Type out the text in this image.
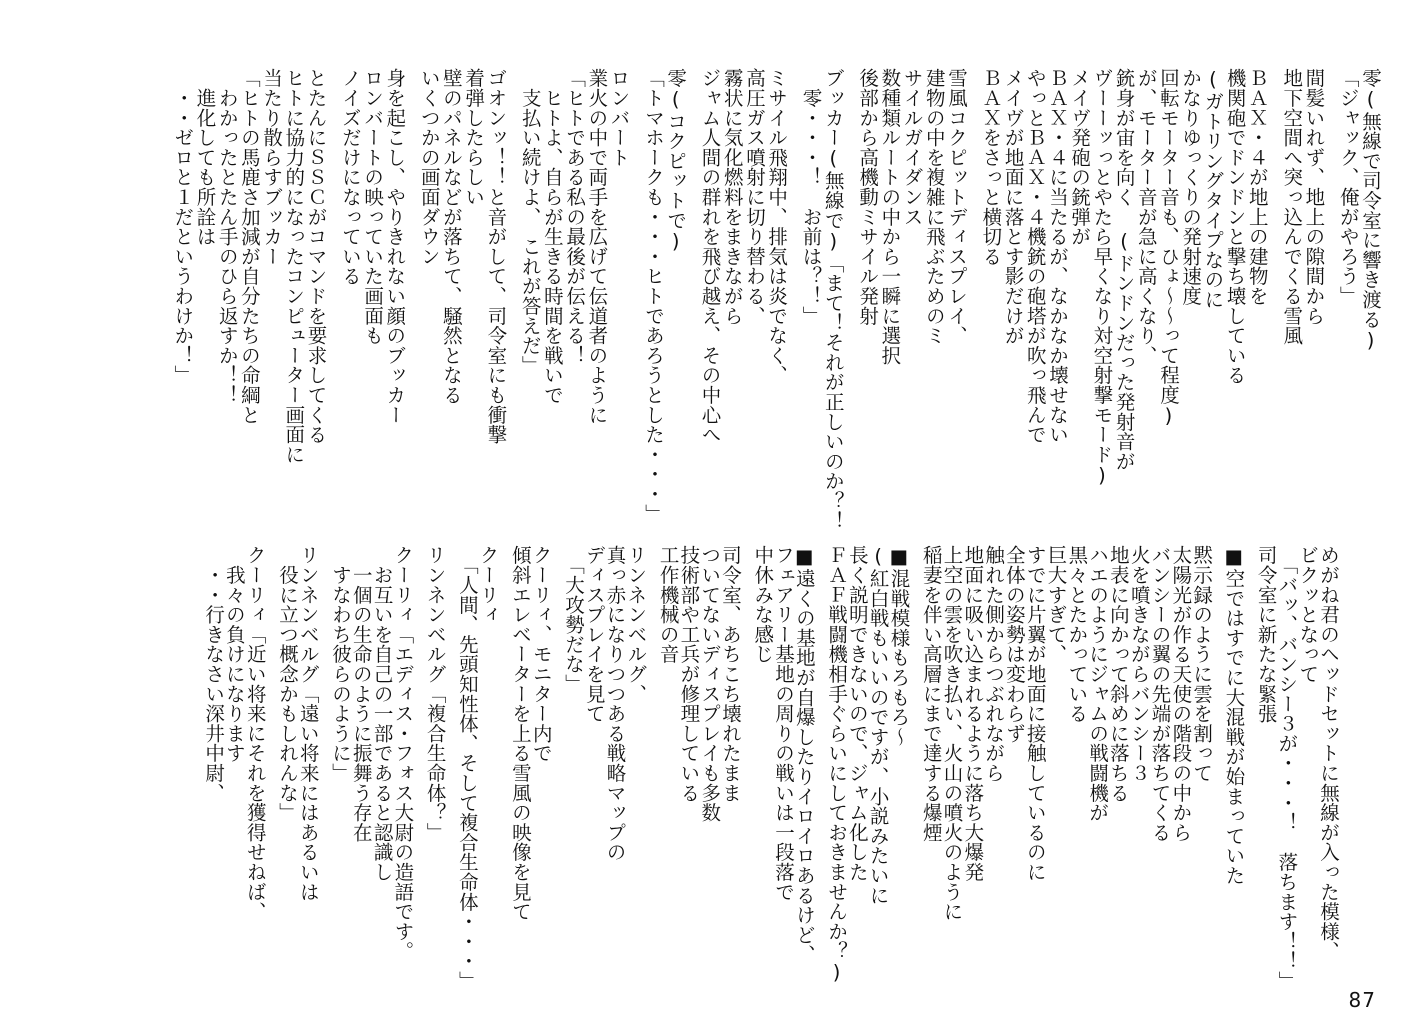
零(無線で司令室に響き渡る)
「ジャック、俺がやろう」
間髪いれず、地上の隙間から
地下空間へ突っ込んでくる雪風
ＢＡＸ・４が地上の建物を
機関砲でドンドンと撃ち壊している
(ガトリングタイプなのに
かなりゆっくりの発射速度
回転モーター音も、ひょ〜〜って程度)
が、モーター音が急に高くなり、
銃身が宙を向く (ドンドンだった発射音が
ヴーーッっとやたら早くなり対空射撃モード)
メイヴ発砲の銃弾が
ＢＡＸ・４に当たるが、なかなか壊せない
やっとＢＡＸ・４機銃の砲塔が吹っ飛んで
メイヴが地面に落とす影だけが
ＢＡＸをさっと横切る
雪風コクピットディスプレイ、
建物の中を複雑に飛ぶためのミ
サイルガイダンス
数種類ルートの中から一瞬に選択
後部から高機動ミサイル発射
ブッカー(無線で)「まて！それが正しいのか？！
　零・・・！　お前は？！」
ミサイル飛翔中、排気は炎でなく、
高圧ガス噴射に切り替わる、
霧状に気化燃料をまきながら
ジャム人間の群れを飛び越え、その中心へ
零(コクピットで)
「トマホークも・・・ヒトであろうとした・・・」
ロンバート
業火の中で両手を広げて伝道者のように
「ヒトである私の最後が伝える！
　ヒトよ、自らが生きる時間を戦いで
　支払い続けよ、　これが答えだ」
ゴオンッ！！と音がして、司令室にも衝撃
着弾したらしい
壁のパネルなどが落ちて、騒然となる
いくつかの画面ダウン
身を起こし、やりきれない顔のブッカー
ロンバートの映っていた画面も
ノイズだけになっている
とたんにＳＳＣがコマンドを要求してくる
ヒトに協力的になったコンピューター画面に
当たり散らすブッカー
「ヒトの馬鹿さ加減が自分たちの命綱と
　わかったとたん手のひら返すか！！
　進化しても所詮は
　・・ゼロと１だというわけか！」
めがね君のヘッドセットに無線が入った模様、
ビクッとなって
　「バッ、バンシー３が・・・！　落ちます！！」
司令室に新たな緊張
■空ではすでに大混戦が始まっていた
黙示録のように雲を割って
太陽光が作る天使の階段の中から
バンシーの翼の先端が落ちてくる
火を噴きながらバンシー３
地表に向かって斜めに落ちる
ハエのようにジャムの戦闘機が
黒々とたかっている
巨大すぎて、
すでに片翼が地面に接触しているのに
全体の姿勢は変わらず
触れた側からつぶれながら
地面に吸い込まれるように落ち大爆発
上空の雲を吹き払い、火山の噴火のように
稲妻を伴い高層にまで達する爆煙
■混戦模様もろもろ〜
(紅白戦もいいのですが、小説みたいに
長く説明できないので、ジャム化した
ＦＡＦ戦闘機相手ぐらいにしておきませんか？)
■遠くの基地が自爆したりイロイロあるけど、
フェアリー基地の周りの戦いは一段落で
中休みな感じ
司令室、あちこち壊れたまま
ついてないディスプレイも多数
技術部や工兵が修理している
工作機械の音
リンネンベルグ、
真っ赤になりつつある戦略マップの
ディスプレイを見て
　「大攻勢だな」
クーリィ、モニター内で
傾斜エレベーターを上る雪風の映像を見て
クーリィ
　「人間、先頭知性体、そして複合生命体・・・」
リンネンベルグ「複合生命体？」
クーリィ「エディス・フォス大尉の造語です。
　お互いを自己の一部であると認識し
　一個の生命のように振舞う存在
　すなわち彼らのように」
リンネンベルグ「遠い将来にはあるいは
　役に立つ概念かもしれんな」
クーリィ「近い将来にそれを獲得せねば、
　我々の負けになります
　・・行きなさい深井中尉、
87
